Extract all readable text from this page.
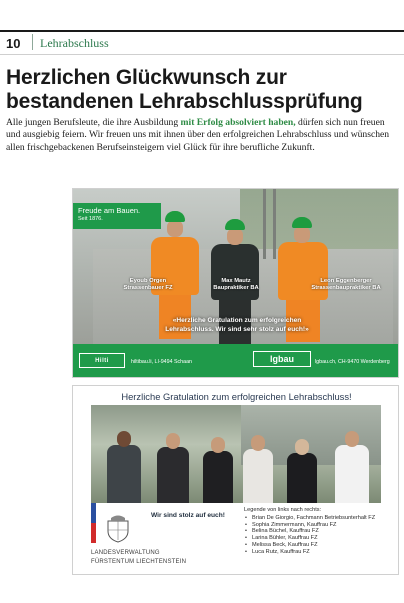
10 Lehrabschluss
Herzlichen Glückwunsch zur bestandenen Lehrabschlussprüfung

Alle jungen Berufsleute, die ihre Ausbildung mit Erfolg absolviert haben, dürfen sich nun freuen und ausgiebig feiern. Wir freuen uns mit ihnen über den erfolgreichen Lehrabschluss und wünschen allen frischgebackenen Berufseinsteigern viel Glück für ihre berufliche Zukunft.

Freude am Bauen.
Seit 1876.
Eyoub Orgen
Strassenbauer FZ
Max Mautz
Baupraktiker BA
Leon Eggenberger
Strassenbaupraktiker BA
«Herzliche Gratulation zum erfolgreichen
Lehrabschluss. Wir sind sehr stolz auf euch!»
Hilti	hiltibau.li, LI-9494 Schaan	lgbau	lgbau.ch, CH-9470 Werdenberg
Herzliche Gratulation zum erfolgreichen Lehrabschluss!
Wir sind stolz auf euch!
LANDESVERWALTUNG
FÜRSTENTUM LIECHTENSTEIN
Legende von links nach rechts:
• Brian De Giorgio, Fachmann Betriebsunterhalt FZ
• Sophia Zimmermann, Kauffrau FZ
• Belina Büchel, Kauffrau FZ
• Larina Bühler, Kauffrau FZ
• Melissa Beck, Kauffrau FZ
• Luca Rutz, Kauffrau FZ
